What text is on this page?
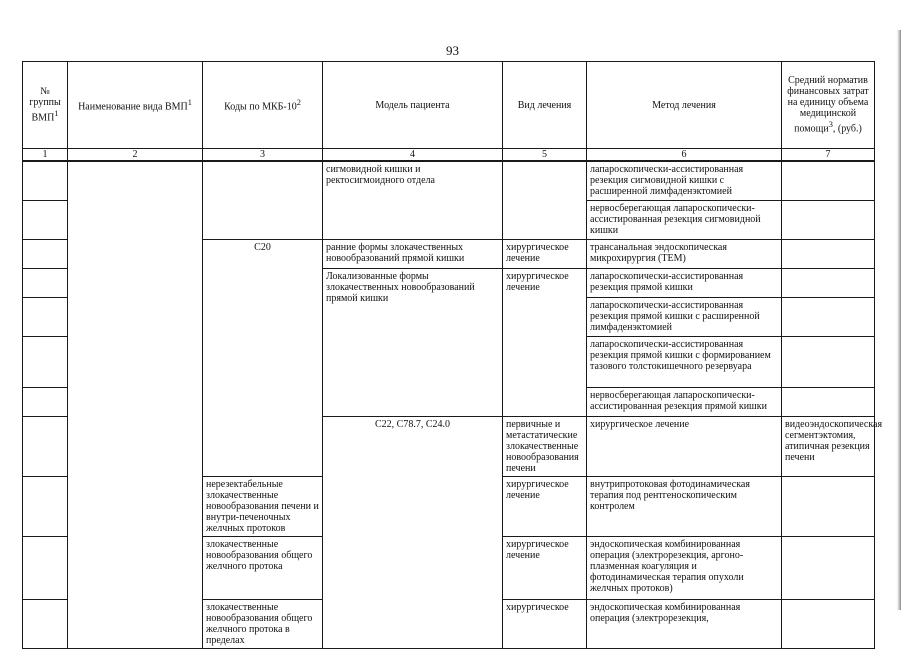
93
№ группы ВМП$^1$	Наименование вида ВМП$^1$	Коды по МКБ-$10^2$	Модель пациента	Вид лечения	Метод лечения	Средний норматив финансовых затрат на единицу объема медицинской помощи$^3$, (руб.)	
1	2	3	4	5	6	7	
			сигмовидной кишки и ректосигмоидного отдела		лапароскопически-ассистированная резекция сигмовидной кишки с расширенной лимфаденэктомией		
					нервосберегающая лапароскопически-ассистированная резекция сигмовидной кишки		
		C20	ранние формы злокачественных новообразований прямой кишки	хирургическое лечение	трансанальная эндоскопическая микрохирургия (TEM)		
			Локализованные формы злокачественных новообразований прямой кишки	хирургическое лечение	лапароскопически-ассистированная резекция прямой кишки		
					лапароскопически-ассистированная резекция прямой кишки с расширенной лимфаденэктомией		
					лапароскопически-ассистированная резекция прямой кишки с формированием тазового толстокишечного резервуара		
					нервосберегающая лапароскопически-ассистированная резекция прямой кишки		
			C22, C78.7, C24.0	первичные и метастатические злокачественные новообразования печени	хирургическое лечение	видеоэндоскопическая сегментэктомия, атипичная резекция печени	
		нерезектабельные злокачественные новообразования печени и внутри-печеночных желчных протоков		хирургическое лечение	внутрипротоковая фотодинамическая терапия под рентгеноскопическим контролем		
		злокачественные новообразования общего желчного протока		хирургическое лечение	эндоскопическая комбинированная операция (электрорезекция, аргоно-плазменная коагуляция и фотодинамическая терапия опухоли желчных протоков)		
		злокачественные новообразования общего желчного протока в пределах		хирургическое	эндоскопическая комбинированная операция (электрорезекция,		
